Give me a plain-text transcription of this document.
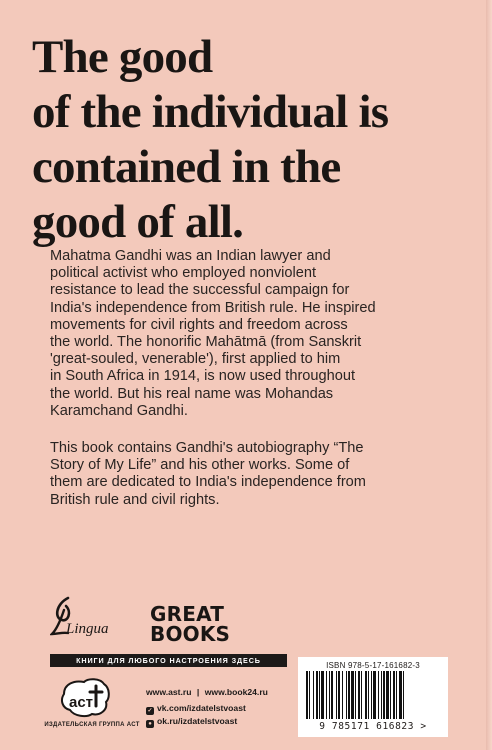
The good
of the individual is
contained in the
good of all.

Mahatma Gandhi was an Indian lawyer and
political activist who employed nonviolent
resistance to lead the successful campaign for
India's independence from British rule. He inspired
movements for civil rights and freedom across
the world. The honorific Mahātmā (from Sanskrit
'great-souled, venerable'), first applied to him
in South Africa in 1914, is now used throughout
the world. But his real name was Mohandas
Karamchand Gandhi.

This book contains Gandhi's autobiography “The
Story of My Life” and his other works. Some of
them are dedicated to India's independence from
British rule and civil rights.

Lingua
GREAT
BOOKS
КНИГИ ДЛЯ ЛЮБОГО НАСТРОЕНИЯ ЗДЕСЬ
аст
ИЗДАТЕЛЬСКАЯ ГРУППА АСТ
www.ast.ru | www.book24.ru
✓ vk.com/izdatelstvoast
● ok.ru/izdatelstvoast
ISBN 978-5-17-161682-3
9 785171 616823 >
